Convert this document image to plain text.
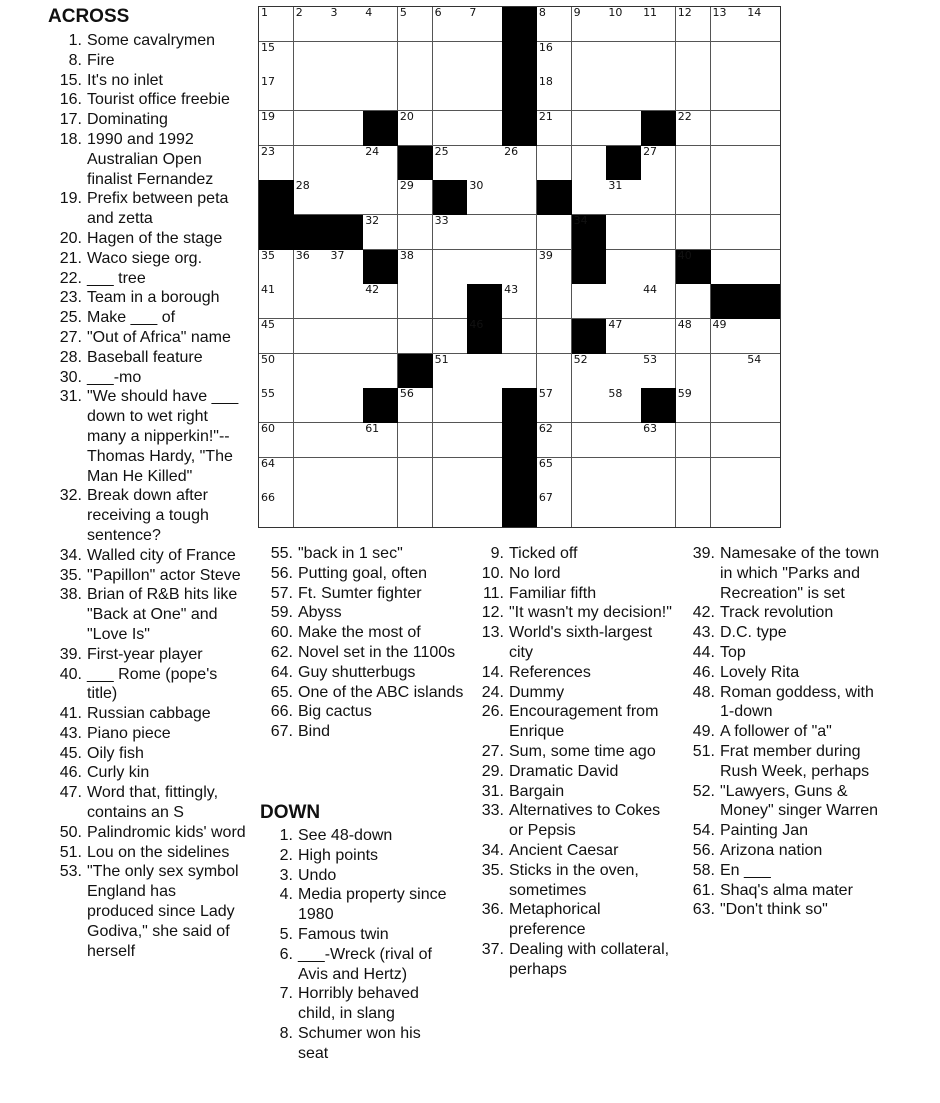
1	2	3	4	5	6	7	8	9	10 11 12 13 14
15	16
17	18
19	20	21	22
23	24	25	26	27
28	29	30	31
32	33	34
35 36 37	38	39	40
41	42	43	44
45	46	47	48 49
50	51	52	53	54
55	56	57	58	59
60	61	62	63
64	65
66	67
ACROSS
DOWN
1. Some cavalrymen
8. Fire
15. It's no inlet
16. Tourist office freebie
17. Dominating
18. 1990 and 1992 Australian Open finalist Fernandez
19. Prefix between peta and zetta
20. Hagen of the stage
21. Waco siege org.
22. ___ tree
23. Team in a borough
25. Make ___ of
27. "Out of Africa" name
28. Baseball feature
30. ___-mo
31. "We should have ___ down to wet right many a nipperkin!"--Thomas Hardy, "The Man He Killed"
32. Break down after receiving a tough sentence?
34. Walled city of France
35. "Papillon" actor Steve
38. Brian of R&B hits like "Back at One" and "Love Is"
39. First-year player
40. ___ Rome (pope's title)
41. Russian cabbage
43. Piano piece
45. Oily fish
46. Curly kin
47. Word that, fittingly, contains an S
50. Palindromic kids' word
51. Lou on the sidelines
53. "The only sex symbol England has produced since Lady Godiva," she said of herself
55. "back in 1 sec"
56. Putting goal, often
57. Ft. Sumter fighter
59. Abyss
60. Make the most of
62. Novel set in the 1100s
64. Guy shutterbugs
65. One of the ABC islands
66. Big cactus
67. Bind
1. See 48-down
2. High points
3. Undo
4. Media property since 1980
5. Famous twin
6. ___-Wreck (rival of Avis and Hertz)
7. Horribly behaved child, in slang
8. Schumer won his seat
9. Ticked off
10. No lord
11. Familiar fifth
12. "It wasn't my decision!"
13. World's sixth-largest city
14. References
24. Dummy
26. Encouragement from Enrique
27. Sum, some time ago
29. Dramatic David
31. Bargain
33. Alternatives to Cokes or Pepsis
34. Ancient Caesar
35. Sticks in the oven, sometimes
36. Metaphorical preference
37. Dealing with collateral, perhaps
39. Namesake of the town in which "Parks and Recreation" is set
42. Track revolution
43. D.C. type
44. Top
46. Lovely Rita
48. Roman goddess, with 1-down
49. A follower of "a"
51. Frat member during Rush Week, perhaps
52. "Lawyers, Guns & Money" singer Warren
54. Painting Jan
56. Arizona nation
58. En ___
61. Shaq's alma mater
63. "Don't think so"
